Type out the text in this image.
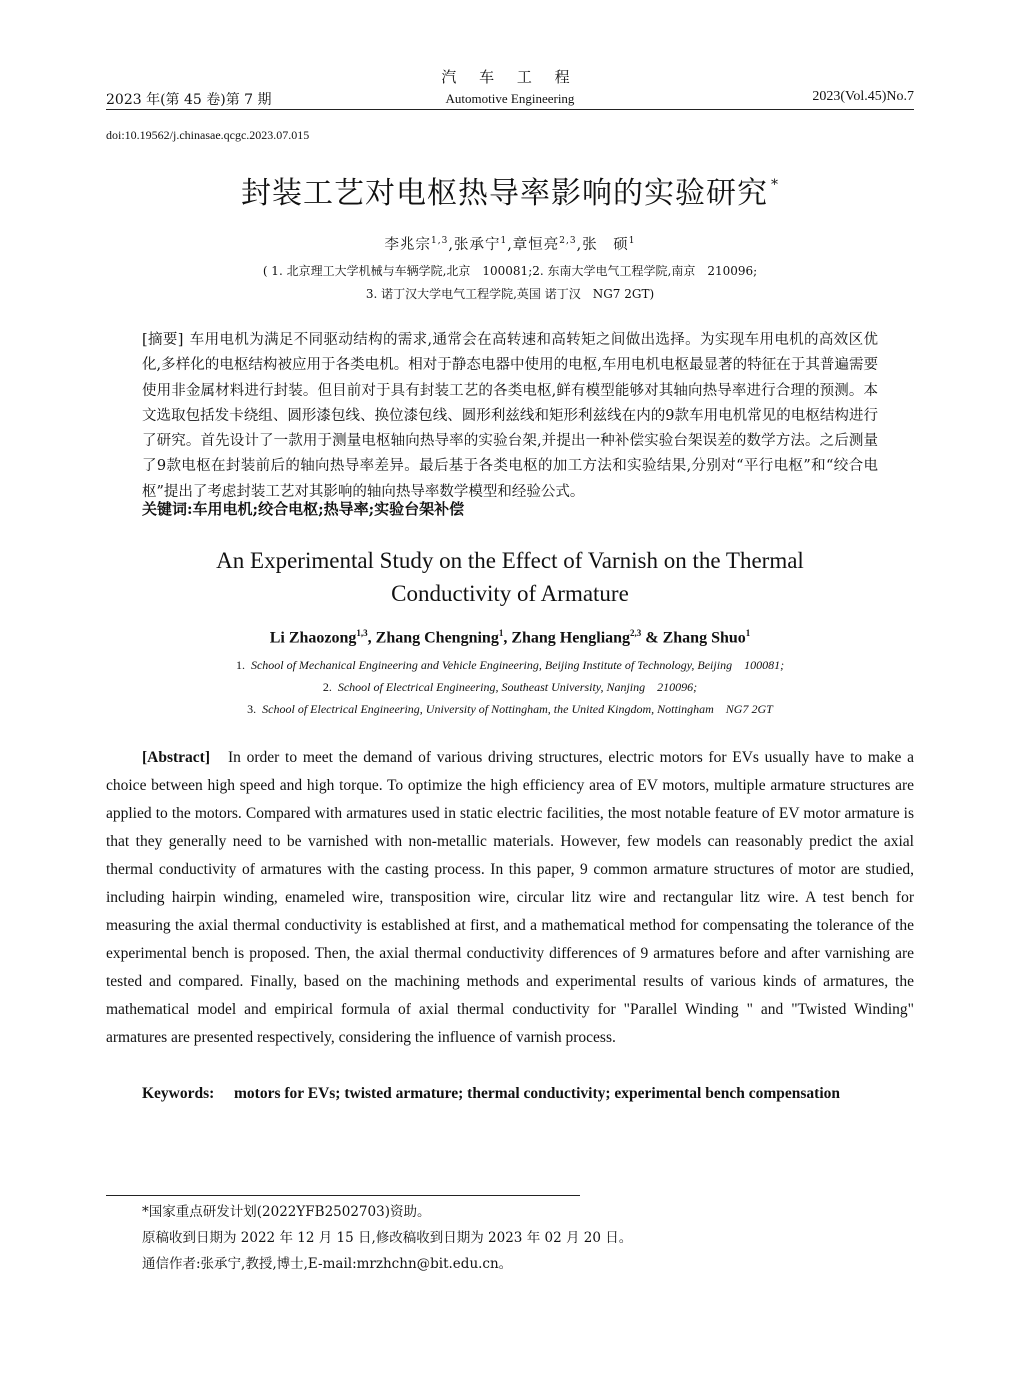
汽 车 工 程
2023 年(第 45 卷)第 7 期	Automotive Engineering	2023(Vol.45)No.7
doi:10.19562/j.chinasae.qcgc.2023.07.015
封装工艺对电枢热导率影响的实验研究 *
李兆宗$^{1,3}$,张承宁$^1$,章恒亮$^{2,3}$,张　硕$^1$
( 1. 北京理工大学机械与车辆学院,北京　100081;2. 东南大学电气工程学院,南京　210096;
3. 诺丁汉大学电气工程学院,英国 诺丁汉　NG7 2GT)
[摘要] 车用电机为满足不同驱动结构的需求,通常会在高转速和高转矩之间做出选择。为实现车用电机的高效区优化,多样化的电枢结构被应用于各类电机。相对于静态电器中使用的电枢,车用电机电枢最显著的特征在于其普遍需要使用非金属材料进行封装。但目前对于具有封装工艺的各类电枢,鲜有模型能够对其轴向热导率进行合理的预测。本文选取包括发卡绕组、圆形漆包线、换位漆包线、圆形利兹线和矩形利兹线在内的9款车用电机常见的电枢结构进行了研究。首先设计了一款用于测量电枢轴向热导率的实验台架,并提出一种补偿实验台架误差的数学方法。之后测量了9款电枢在封装前后的轴向热导率差异。最后基于各类电枢的加工方法和实验结果,分别对“平行电枢”和“绞合电枢”提出了考虑封装工艺对其影响的轴向热导率数学模型和经验公式。
关键词:车用电机;绞合电枢;热导率;实验台架补偿
An Experimental Study on the Effect of Varnish on the Thermal
Conductivity of Armature
Li Zhaozong$^{1,3}$, Zhang Chengning$^1$, Zhang Hengliang$^{2,3}$ & Zhang Shuo$^1$
1. School of Mechanical Engineering and Vehicle Engineering, Beijing Institute of Technology, Beijing　100081;
2. School of Electrical Engineering, Southeast University, Nanjing　210096;
3. School of Electrical Engineering, University of Nottingham, the United Kingdom, Nottingham　NG7 2GT
[Abstract] In order to meet the demand of various driving structures, electric motors for EVs usually have to make a choice between high speed and high torque. To optimize the high efficiency area of EV motors, multiple armature structures are applied to the motors. Compared with armatures used in static electric facilities, the most notable feature of EV motor armature is that they generally need to be varnished with non-metallic materials. However, few models can reasonably predict the axial thermal conductivity of armatures with the casting process. In this paper, 9 common armature structures of motor are studied, including hairpin winding, enameled wire, transposition wire, circular litz wire and rectangular litz wire. A test bench for measuring the axial thermal conductivity is established at first, and a mathematical method for compensating the tolerance of the experimental bench is proposed. Then, the axial thermal conductivity differences of 9 armatures before and after varnishing are tested and compared. Finally, based on the machining methods and experimental results of various kinds of armatures, the mathematical model and empirical formula of axial thermal conductivity for "Parallel Winding " and "Twisted Winding" armatures are presented respectively, considering the influence of varnish process.
Keywords: motors for EVs; twisted armature; thermal conductivity; experimental bench compensation
*国家重点研发计划(2022YFB2502703)资助。
原稿收到日期为 2022 年 12 月 15 日,修改稿收到日期为 2023 年 02 月 20 日。
通信作者:张承宁,教授,博士,E-mail:mrzhchn@bit.edu.cn。
